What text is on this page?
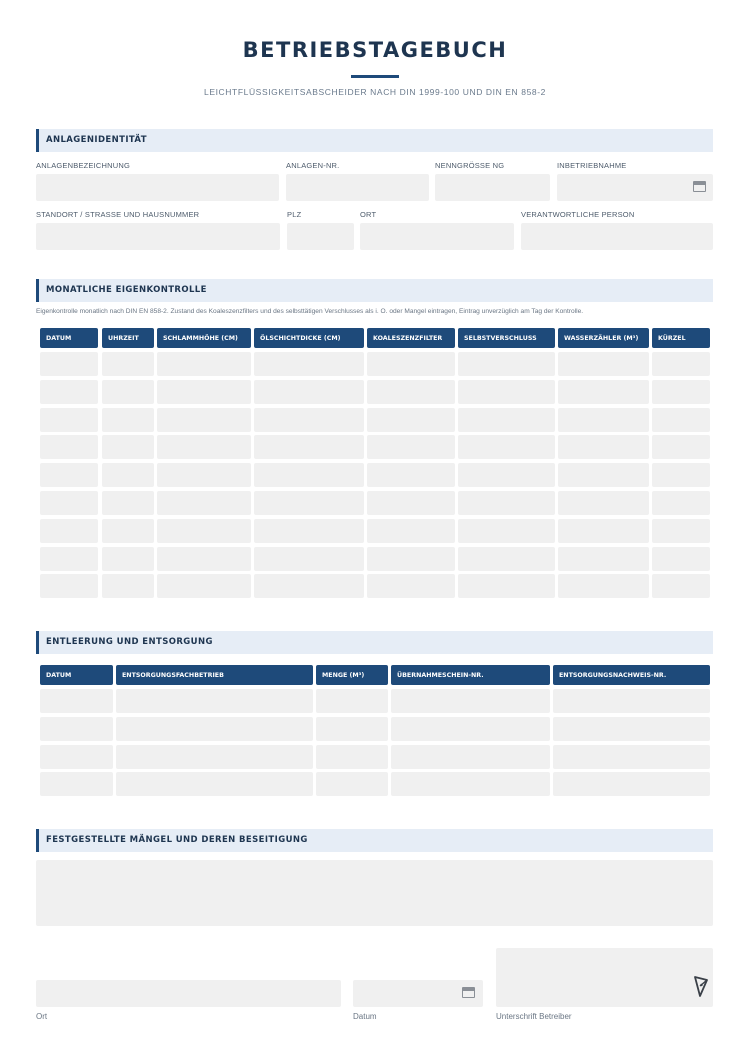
BETRIEBSTAGEBUCH
LEICHTFLÜSSIGKEITSABSCHEIDER NACH DIN 1999-100 UND DIN EN 858-2
ANLAGENIDENTITÄT
ANLAGENBEZEICHNUNG	ANLAGEN-NR.	NENNGRÖSSE NG	INBETRIEBNAHME
STANDORT / STRASSE UND HAUSNUMMER	PLZ	ORT	VERANTWORTLICHE PERSON
MONATLICHE EIGENKONTROLLE
Eigenkontrolle monatlich nach DIN EN 858-2. Zustand des Koaleszenzfilters und des selbsttätigen Verschlusses als i. O. oder Mangel eintragen, Eintrag unverzüglich am Tag der Kontrolle.
DATUM	UHRZEIT	SCHLAMMHÖHE (CM)	ÖLSCHICHTDICKE (CM)	KOALESZENZFILTER	SELBSTVERSCHLUSS	WASSERZÄHLER (M³)	KÜRZEL
ENTLEERUNG UND ENTSORGUNG
DATUM	ENTSORGUNGSFACHBETRIEB	MENGE (M³)	ÜBERNAHMESCHEIN-NR.	ENTSORGUNGSNACHWEIS-NR.
FESTGESTELLTE MÄNGEL UND DEREN BESEITIGUNG
Ort	Datum	Unterschrift Betreiber
